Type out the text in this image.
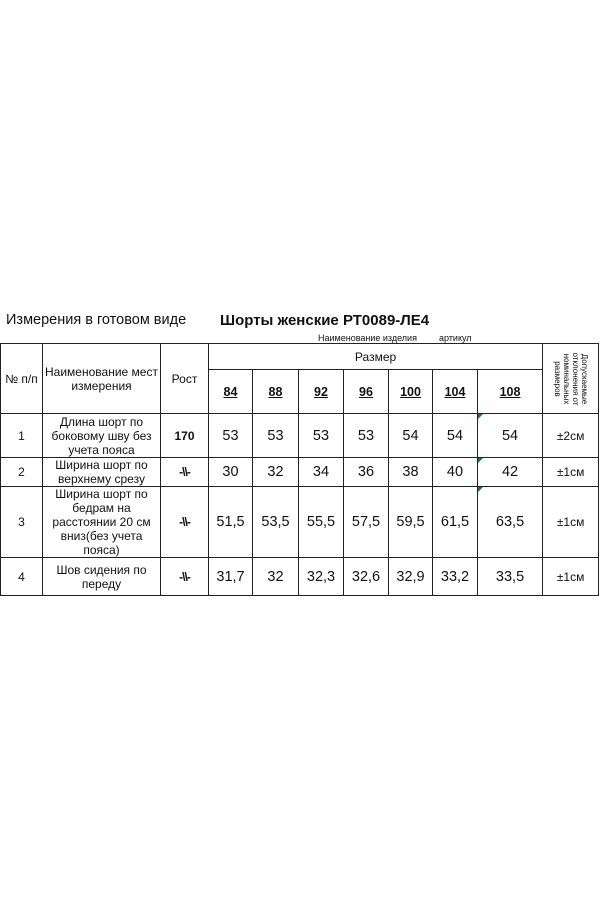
Измерения в готовом виде Шорты женские РТ0089-ЛЕ4
Наименование изделия артикул
№ п/п	Наименование мест измерения	Рост	Размер							Допускаемые отклонения от номинальных размеров

			84	88	92	96	100	104	108	
1	Длина шорт по боковому шву без учета пояса	170	53	53	53	53	54	54	54	±2см
2	Ширина шорт по верхнему срезу	-\\-	30	32	34	36	38	40	42	±1см
3	Ширина шорт по бедрам на расстоянии 20 см вниз(без учета пояса)	-\\-	51,5	53,5	55,5	57,5	59,5	61,5	63,5	±1см
4	Шов сидения по переду	-\\-	31,7	32	32,3	32,6	32,9	33,2	33,5	±1см
